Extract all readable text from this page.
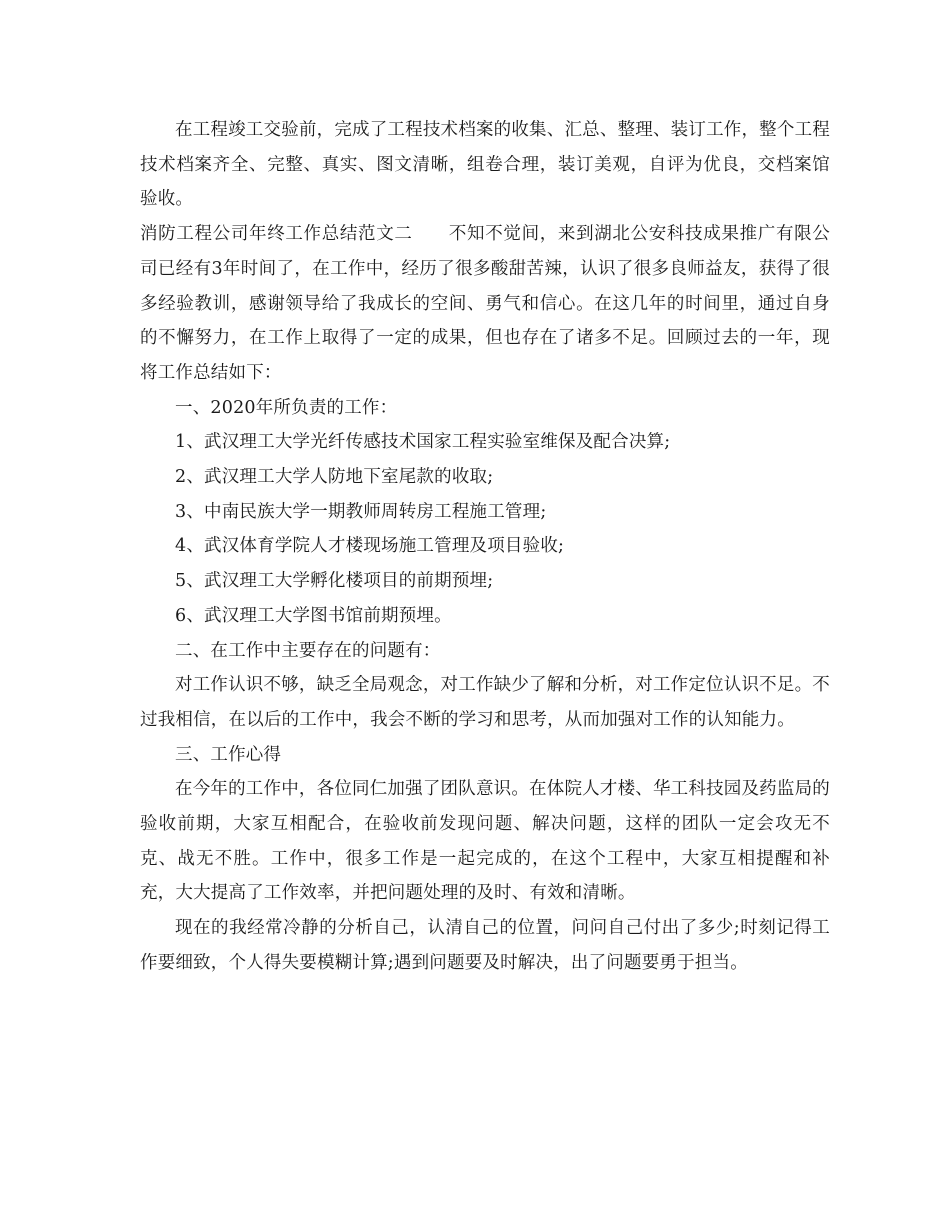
在工程竣工交验前，完成了工程技术档案的收集、汇总、整理、装订工作，整个工程技术档案齐全、完整、真实、图文清晰，组卷合理，装订美观，自评为优良，交档案馆验收。

消防工程公司年终工作总结范文二　　不知不觉间，来到湖北公安科技成果推广有限公司已经有3年时间了，在工作中，经历了很多酸甜苦辣，认识了很多良师益友，获得了很多经验教训，感谢领导给了我成长的空间、勇气和信心。在这几年的时间里，通过自身的不懈努力，在工作上取得了一定的成果，但也存在了诸多不足。回顾过去的一年，现将工作总结如下：

一、2020年所负责的工作：

1、武汉理工大学光纤传感技术国家工程实验室维保及配合决算;

2、武汉理工大学人防地下室尾款的收取;

3、中南民族大学一期教师周转房工程施工管理;

4、武汉体育学院人才楼现场施工管理及项目验收;

5、武汉理工大学孵化楼项目的前期预埋;

6、武汉理工大学图书馆前期预埋。

二、在工作中主要存在的问题有：

对工作认识不够，缺乏全局观念，对工作缺少了解和分析，对工作定位认识不足。不过我相信，在以后的工作中，我会不断的学习和思考，从而加强对工作的认知能力。

三、工作心得

在今年的工作中，各位同仁加强了团队意识。在体院人才楼、华工科技园及药监局的验收前期，大家互相配合，在验收前发现问题、解决问题，这样的团队一定会攻无不克、战无不胜。工作中，很多工作是一起完成的，在这个工程中，大家互相提醒和补充，大大提高了工作效率，并把问题处理的及时、有效和清晰。

现在的我经常冷静的分析自己，认清自己的位置，问问自己付出了多少;时刻记得工作要细致，个人得失要模糊计算;遇到问题要及时解决，出了问题要勇于担当。
